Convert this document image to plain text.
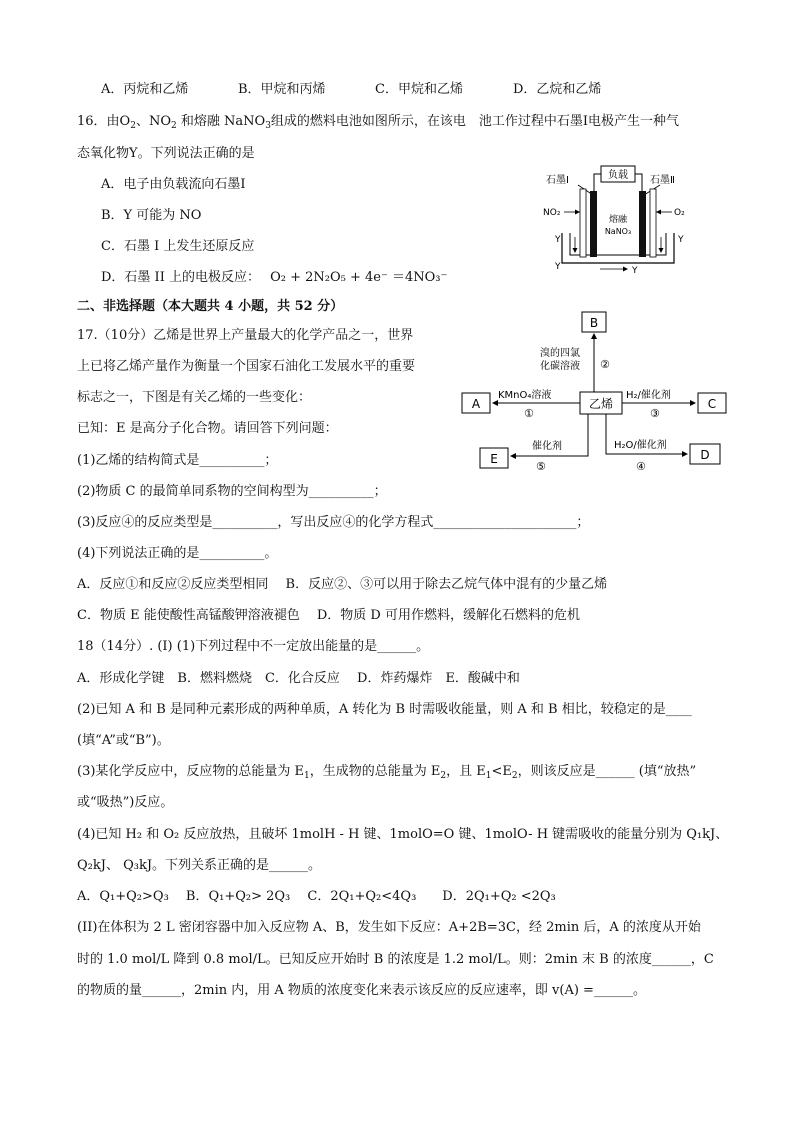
A．丙烷和乙烯	B．甲烷和丙烯	C．甲烷和乙烯	D．乙烷和乙烯
16．由$O_2$、$NO_2$ 和熔融 NaNO$_3$组成的燃料电池如图所示，在该电　池工作过程中石墨Ⅰ电极产生一种气
态氧化物Y。下列说法正确的是
A．电子由负载流向石墨I
B．Y 可能为 NO
C．石墨 I 上发生还原反应
D．石墨 II 上的电极反应： O₂ + 2N₂O₅ + 4e⁻ ＝4NO₃⁻
负载
石墨Ⅰ	石墨Ⅱ
熔融
NaNO₃
NO₂	O₂
Y	Y
Y	Y
二、非选择题（本大题共 4 小题，共 52 分）
17.（10分）乙烯是世界上产量最大的化学产品之一，世界
上已将乙烯产量作为衡量一个国家石油化工发展水平的重要
标志之一，下图是有关乙烯的一些变化：
已知：E 是高分子化合物。请回答下列问题：
(1)乙烯的结构简式是__________；
(2)物质 C 的最简单同系物的空间构型为__________；
(3)反应④的反应类型是__________，写出反应④的化学方程式______________________；
(4)下列说法正确的是__________。
A．反应①和反应②反应类型相同　 B．反应②、③可以用于除去乙烷气体中混有的少量乙烯
C．物质 E 能使酸性高锰酸钾溶液褪色　 D．物质 D 可用作燃料，缓解化石燃料的危机
乙烯
B
溴的四氯
化碳溶液 ②
A
KMnO₄溶液
①
C
H₂/催化剂
③
E
催化剂
⑤
D
H₂O/催化剂
④
18（14分）. (I) (1)下列过程中不一定放出能量的是______。
A．形成化学键　B．燃料燃烧　C．化合反应　 D．炸药爆炸　E．酸碱中和
(2)已知 A 和 B 是同种元素形成的两种单质，A 转化为 B 时需吸收能量，则 A 和 B 相比，较稳定的是____
(填“A”或“B”)。
(3)某化学反应中，反应物的总能量为 $E_1$，生成物的总能量为 $E_2$，且 $E_1<E_2$，则该反应是______ (填“放热”
或“吸热”)反应。
(4)已知 H₂ 和 O₂ 反应放热，且破坏 1molH - H 键、1molO=O 键、1molO- H 键需吸收的能量分别为 Q₁kJ、
Q₂kJ、 Q₃kJ。下列关系正确的是______。
A．Q₁+Q₂>Q₃　 B．Q₁+Q₂> 2Q₃　 C．2Q₁+Q₂<4Q₃　　D．2Q₁+Q₂ <2Q₃
(II)在体积为 2 L 密闭容器中加入反应物 A、B，发生如下反应：A+2B=3C，经 2min 后，A 的浓度从开始
时的 1.0 mol/L 降到 0.8 mol/L。已知反应开始时 B 的浓度是 1.2 mol/L。则：2min 末 B 的浓度______，C
的物质的量______，2min 内，用 A 物质的浓度变化来表示该反应的反应速率，即 v(A) =______。
